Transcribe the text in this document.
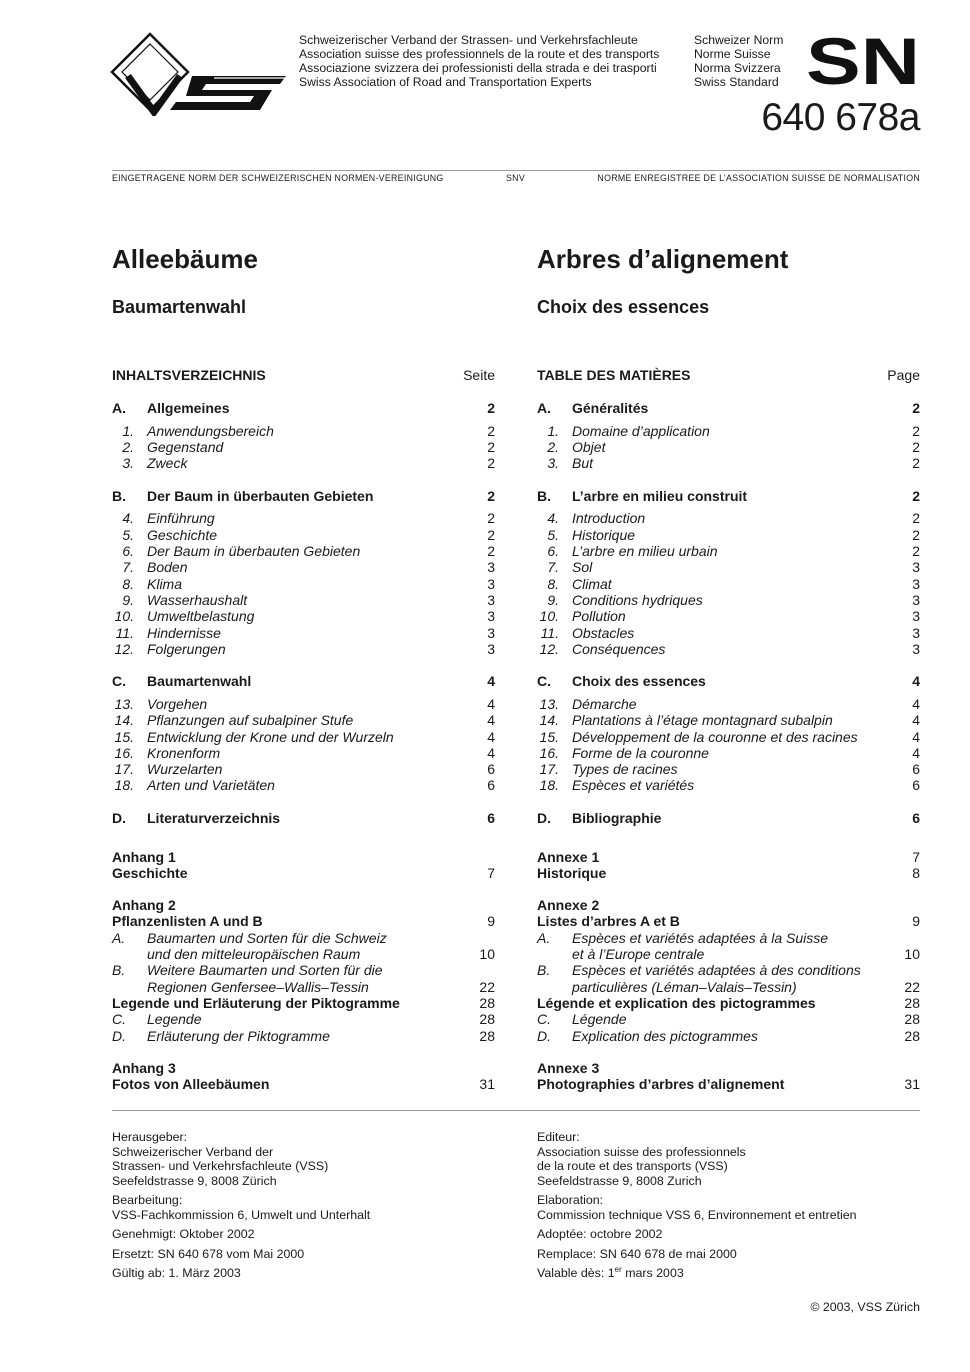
Schweizerischer Verband der Strassen- und Verkehrsfachleute
Association suisse des professionnels de la route et des transports
Associazione svizzera dei professionisti della strada e dei trasporti
Swiss Association of Road and Transportation Experts
Schweizer Norm
Norme Suisse
Norma Svizzera
Swiss Standard SN
640 678a
EINGETRAGENE NORM DER SCHWEIZERISCHEN NORMEN-VEREINIGUNG	SNV	NORME ENREGISTREE DE L’ASSOCIATION SUISSE DE NORMALISATION
Alleebäume	Arbres d’alignement
Baumartenwahl	Choix des essences
INHALTSVERZEICHNIS	Seite
A. Allgemeines	2
1. Anwendungsbereich	2
2. Gegenstand	2
3. Zweck	2
B. Der Baum in überbauten Gebieten	2
4. Einführung	2
5. Geschichte	2
6. Der Baum in überbauten Gebieten	2
7. Boden	3
8. Klima	3
9. Wasserhaushalt	3
10. Umweltbelastung	3
11. Hindernisse	3
12. Folgerungen	3
C. Baumartenwahl	4
13. Vorgehen	4
14. Pflanzungen auf subalpiner Stufe	4
15. Entwicklung der Krone und der Wurzeln	4
16. Kronenform	4
17. Wurzelarten	6
18. Arten und Varietäten	6
D. Literaturverzeichnis	6
Anhang 1
Geschichte	7
Anhang 2
Pflanzenlisten A und B	9
A.	Baumarten und Sorten für die Schweiz
und den mitteleuropäischen Raum	10
B.	Weitere Baumarten und Sorten für die
Regionen Genfersee–Wallis–Tessin	22
Legende und Erläuterung der Piktogramme	28
C.	Legende	28
D.	Erläuterung der Piktogramme	28
Anhang 3
Fotos von Alleebäumen	31
TABLE DES MATIÈRES	Page
A. Généralités	2
1. Domaine d’application	2
2. Objet	2
3. But	2
B. L’arbre en milieu construit	2
4. Introduction	2
5. Historique	2
6. L’arbre en milieu urbain	2
7. Sol	3
8. Climat	3
9. Conditions hydriques	3
10. Pollution	3
11. Obstacles	3
12. Conséquences	3
C. Choix des essences	4
13. Démarche	4
14. Plantations à l’étage montagnard subalpin	4
15. Développement de la couronne et des racines	4
16. Forme de la couronne	4
17. Types de racines	6
18. Espèces et variétés	6
D. Bibliographie	6
Annexe 1	7
Historique	8
Annexe 2
Listes d’arbres A et B	9
A.	Espèces et variétés adaptées à la Suisse
et à l’Europe centrale	10
B.	Espèces et variétés adaptées à des conditions
particulières (Léman–Valais–Tessin)	22
Légende et explication des pictogrammes	28
C.	Légende	28
D.	Explication des pictogrammes	28
Annexe 3
Photographies d’arbres d’alignement	31
Herausgeber:
Schweizerischer Verband der
Strassen- und Verkehrsfachleute (VSS)
Seefeldstrasse 9, 8008 Zürich
Bearbeitung:
VSS-Fachkommission 6, Umwelt und Unterhalt
Genehmigt: Oktober 2002
Ersetzt: SN 640 678 vom Mai 2000
Gültig ab: 1. März 2003
Editeur:
Association suisse des professionnels
de la route et des transports (VSS)
Seefeldstrasse 9, 8008 Zurich
Elaboration:
Commission technique VSS 6, Environnement et entretien
Adoptée: octobre 2002
Remplace: SN 640 678 de mai 2000
Valable dès: 1er mars 2003
© 2003, VSS Zürich
